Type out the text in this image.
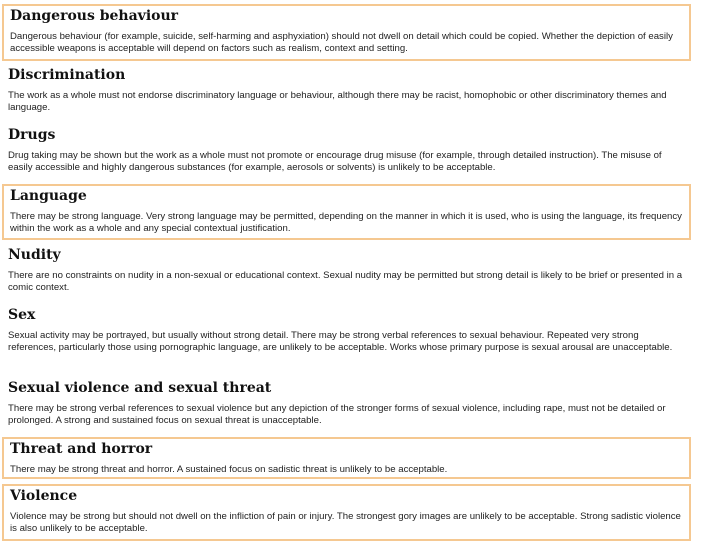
Dangerous behaviour
Dangerous behaviour (for example, suicide, self-harming and asphyxiation) should not dwell on detail which could be copied. Whether the depiction of easily accessible weapons is acceptable will depend on factors such as realism, context and setting.
Discrimination
The work as a whole must not endorse discriminatory language or behaviour, although there may be racist, homophobic or other discriminatory themes and language.
Drugs
Drug taking may be shown but the work as a whole must not promote or encourage drug misuse (for example, through detailed instruction). The misuse of easily accessible and highly dangerous substances (for example, aerosols or solvents) is unlikely to be acceptable.
Language
There may be strong language. Very strong language may be permitted, depending on the manner in which it is used, who is using the language, its frequency within the work as a whole and any special contextual justification.
Nudity
There are no constraints on nudity in a non-sexual or educational context. Sexual nudity may be permitted but strong detail is likely to be brief or presented in a comic context.
Sex
Sexual activity may be portrayed, but usually without strong detail. There may be strong verbal references to sexual behaviour. Repeated very strong references, particularly those using pornographic language, are unlikely to be acceptable. Works whose primary purpose is sexual arousal are unacceptable.
Sexual violence and sexual threat
There may be strong verbal references to sexual violence but any depiction of the stronger forms of sexual violence, including rape, must not be detailed or prolonged. A strong and sustained focus on sexual threat is unacceptable.
Threat and horror
There may be strong threat and horror. A sustained focus on sadistic threat is unlikely to be acceptable.
Violence
Violence may be strong but should not dwell on the infliction of pain or injury. The strongest gory images are unlikely to be acceptable. Strong sadistic violence is also unlikely to be acceptable.
